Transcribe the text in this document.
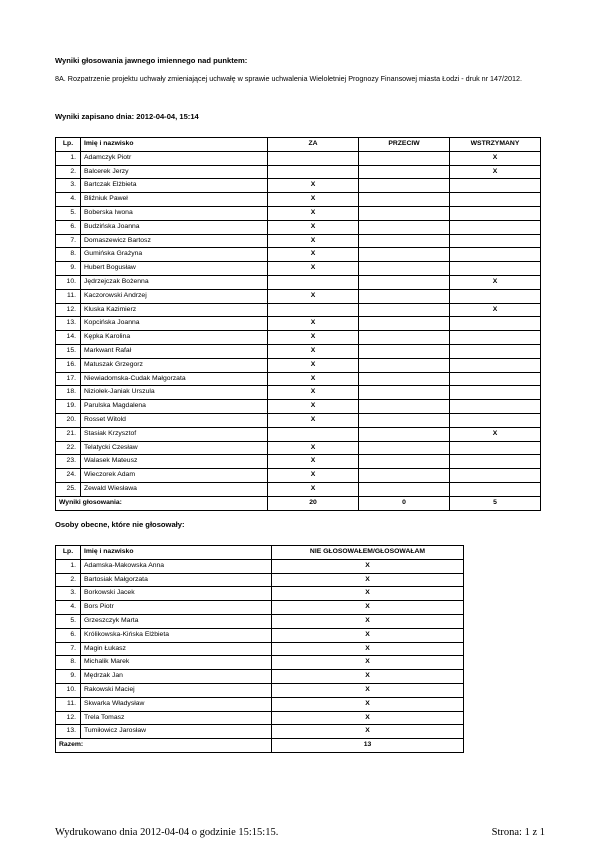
Wyniki głosowania jawnego imiennego nad punktem:
8A. Rozpatrzenie projektu uchwały zmieniającej uchwałę w sprawie uchwalenia Wieloletniej Prognozy Finansowej miasta Łodzi - druk nr 147/2012.
Wyniki zapisano dnia: 2012-04-04, 15:14
Lp.	Imię i nazwisko	ZA	PRZECIW	WSTRZYMANY
1.	Adamczyk Piotr			X
2.	Balcerek Jerzy			X
3.	Bartczak Elżbieta	X		
4.	Bliźniuk Paweł	X		
5.	Boberska Iwona	X		
6.	Budzińska Joanna	X		
7.	Domaszewicz Bartosz	X		
8.	Gumińska Grażyna	X		
9.	Hubert Bogusław	X		
10.	Jędrzejczak Bożenna			X
11.	Kaczorowski Andrzej	X		
12.	Kluska Kazimierz			X
13.	Kopcińska Joanna	X		
14.	Kępka Karolina	X		
15.	Markwant Rafał	X		
16.	Matuszak Grzegorz	X		
17.	Niewiadomska-Cudak Małgorzata	X		
18.	Niziołek-Janiak Urszula	X		
19.	Parulska Magdalena	X		
20.	Rosset Witold	X		
21.	Stasiak Krzysztof			X
22.	Telatycki Czesław	X		
23.	Walasek Mateusz	X		
24.	Wieczorek Adam	X		
25.	Zewald Wiesława	X		
Wyniki głosowania:		20	0	5
Osoby obecne, które nie głosowały:
Lp.	Imię i nazwisko	NIE GŁOSOWAŁEM/GŁOSOWAŁAM
1.	Adamska-Makowska Anna	X
2.	Bartosiak Małgorzata	X
3.	Borkowski Jacek	X
4.	Bors Piotr	X
5.	Grzeszczyk Marta	X
6.	Królikowska-Kińska Elżbieta	X
7.	Magin Łukasz	X
8.	Michalik Marek	X
9.	Mędrzak Jan	X
10.	Rakowski Maciej	X
11.	Skwarka Władysław	X
12.	Trela Tomasz	X
13.	Tumiłowicz Jarosław	X
Razem:		13
Wydrukowano dnia 2012-04-04 o godzinie 15:15:15.	Strona: 1 z 1
